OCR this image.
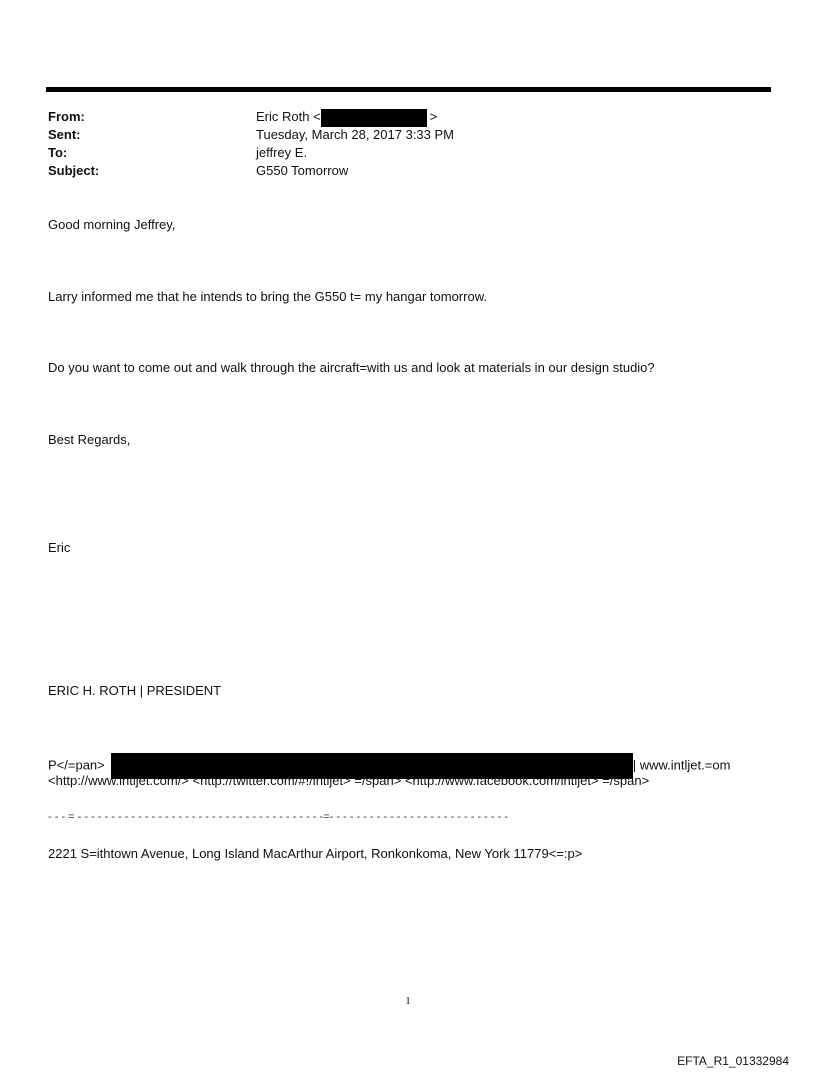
From:	Eric Roth <	>
Sent:	Tuesday, March 28, 2017 3:33 PM
To:	jeffrey E.
Subject:	G550 Tomorrow
Good morning Jeffrey,
Larry informed me that he intends to bring the G550 t= my hangar tomorrow.
Do you want to come out and walk through the aircraft=with us and look at materials in our design studio?
Best Regards,
Eric
ERIC H. ROTH | PRESIDENT
P</=pan>	| www.intljet.=om
<http://www.intljet.com/> <http://twitter.com/#!/intljet> =/span> <http://www.facebook.com/intljet> =/span>
- - - = - - - - - - - - - - - - - - - - - - - - - - - - - - - - - - - - - - - - -=- - - - - - - - - - - - - - - - - - - - - - - - - - -
2221 S=ithtown Avenue, Long Island MacArthur Airport, Ronkonkoma, New York 11779<=:p>
1
EFTA_R1_01332984
